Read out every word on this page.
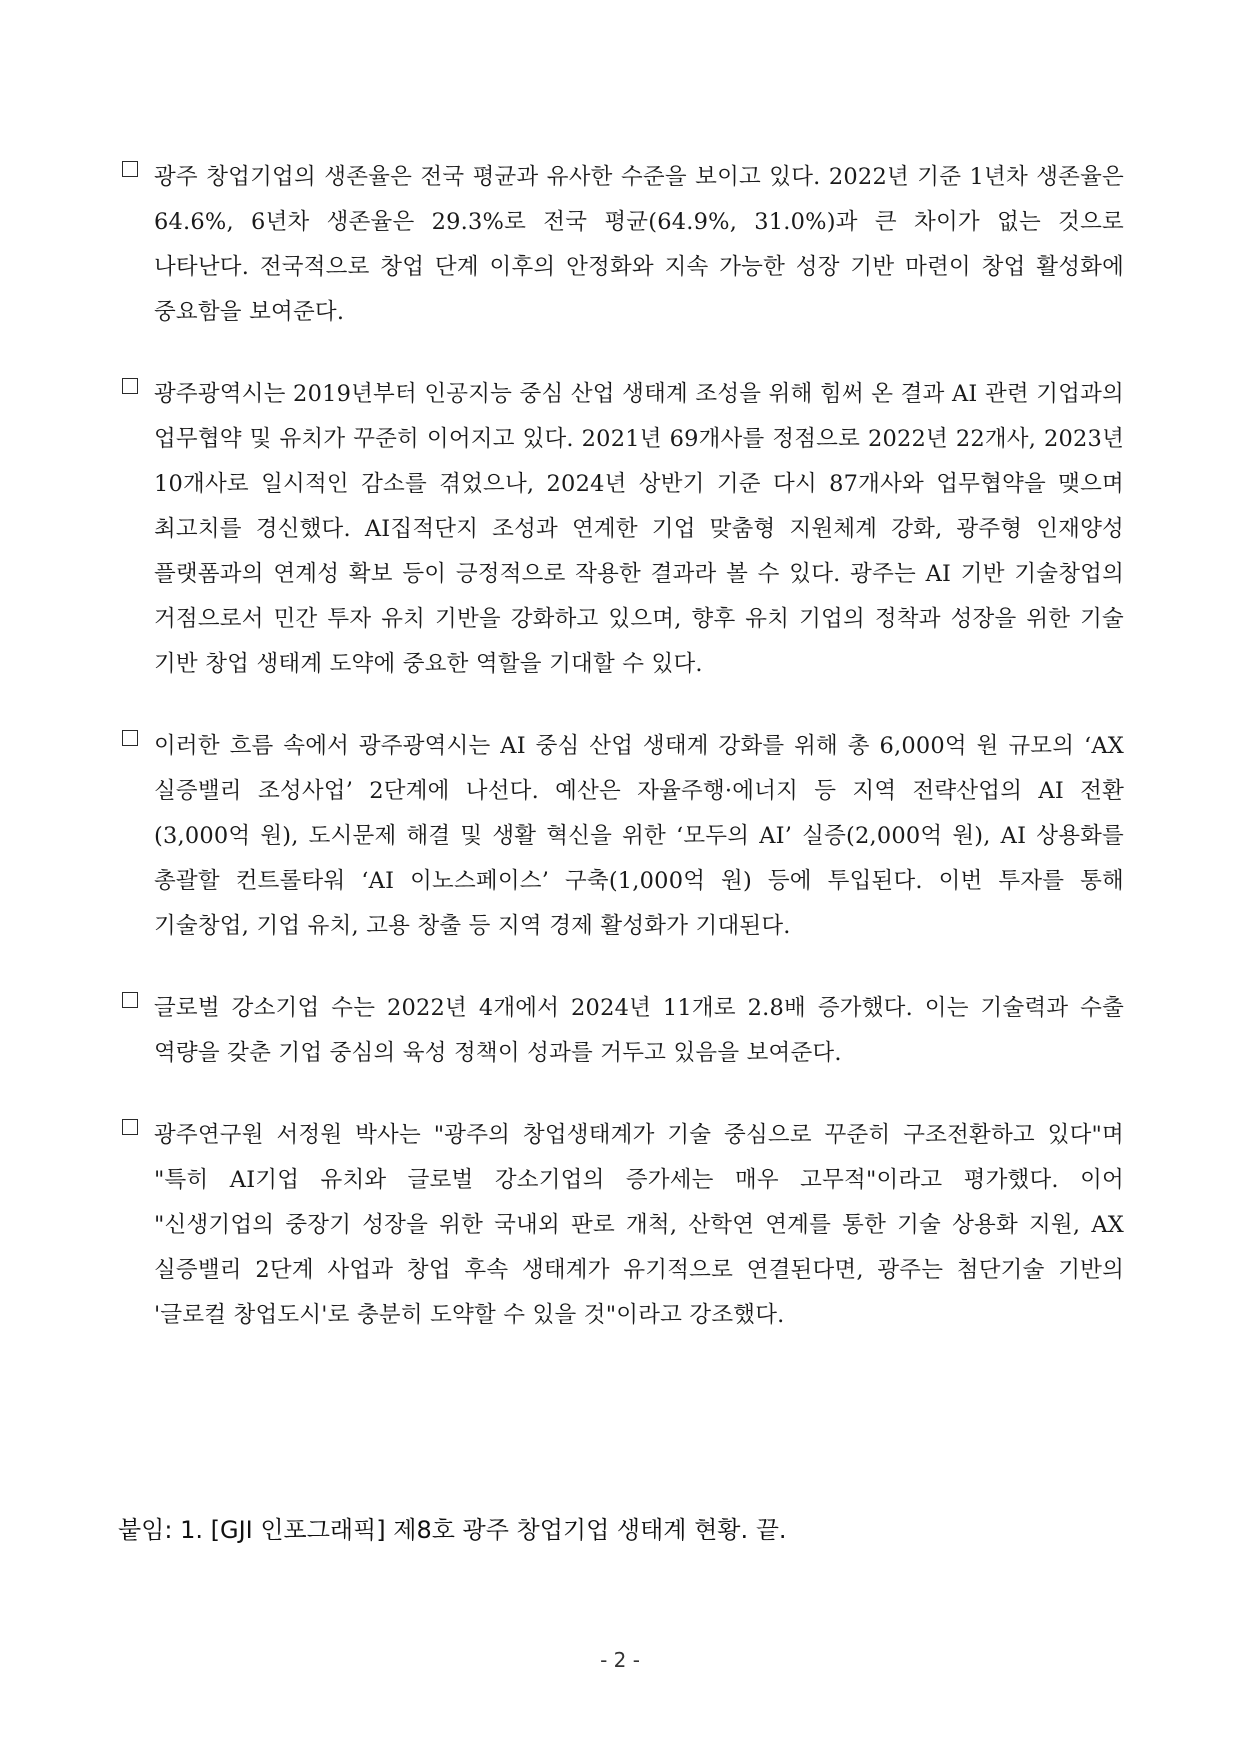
광주 창업기업의 생존율은 전국 평균과 유사한 수준을 보이고 있다. 2022년 기준 1년차 생존율은 64.6%, 6년차 생존율은 29.3%로 전국 평균(64.9%, 31.0%)과 큰 차이가 없는 것으로 나타난다. 전국적으로 창업 단계 이후의 안정화와 지속 가능한 성장 기반 마련이 창업 활성화에 중요함을 보여준다.

광주광역시는 2019년부터 인공지능 중심 산업 생태계 조성을 위해 힘써 온 결과 AI 관련 기업과의 업무협약 및 유치가 꾸준히 이어지고 있다. 2021년 69개사를 정점으로 2022년 22개사, 2023년 10개사로 일시적인 감소를 겪었으나, 2024년 상반기 기준 다시 87개사와 업무협약을 맺으며 최고치를 경신했다. AI집적단지 조성과 연계한 기업 맞춤형 지원체계 강화, 광주형 인재양성 플랫폼과의 연계성 확보 등이 긍정적으로 작용한 결과라 볼 수 있다. 광주는 AI 기반 기술창업의 거점으로서 민간 투자 유치 기반을 강화하고 있으며, 향후 유치 기업의 정착과 성장을 위한 기술 기반 창업 생태계 도약에 중요한 역할을 기대할 수 있다.

이러한 흐름 속에서 광주광역시는 AI 중심 산업 생태계 강화를 위해 총 6,000억 원 규모의 ‘AX 실증밸리 조성사업’ 2단계에 나선다. 예산은 자율주행·에너지 등 지역 전략산업의 AI 전환(3,000억 원), 도시문제 해결 및 생활 혁신을 위한 ‘모두의 AI’ 실증(2,000억 원), AI 상용화를 총괄할 컨트롤타워 ‘AI 이노스페이스’ 구축(1,000억 원) 등에 투입된다. 이번 투자를 통해 기술창업, 기업 유치, 고용 창출 등 지역 경제 활성화가 기대된다.

글로벌 강소기업 수는 2022년 4개에서 2024년 11개로 2.8배 증가했다. 이는 기술력과 수출 역량을 갖춘 기업 중심의 육성 정책이 성과를 거두고 있음을 보여준다.

광주연구원 서정원 박사는 "광주의 창업생태계가 기술 중심으로 꾸준히 구조전환하고 있다"며 "특히 AI기업 유치와 글로벌 강소기업의 증가세는 매우 고무적"이라고 평가했다. 이어 "신생기업의 중장기 성장을 위한 국내외 판로 개척, 산학연 연계를 통한 기술 상용화 지원, AX 실증밸리 2단계 사업과 창업 후속 생태계가 유기적으로 연결된다면, 광주는 첨단기술 기반의 '글로컬 창업도시'로 충분히 도약할 수 있을 것"이라고 강조했다.

붙임: 1. [GJI 인포그래픽] 제8호 광주 창업기업 생태계 현황. 끝.
- 2 -
